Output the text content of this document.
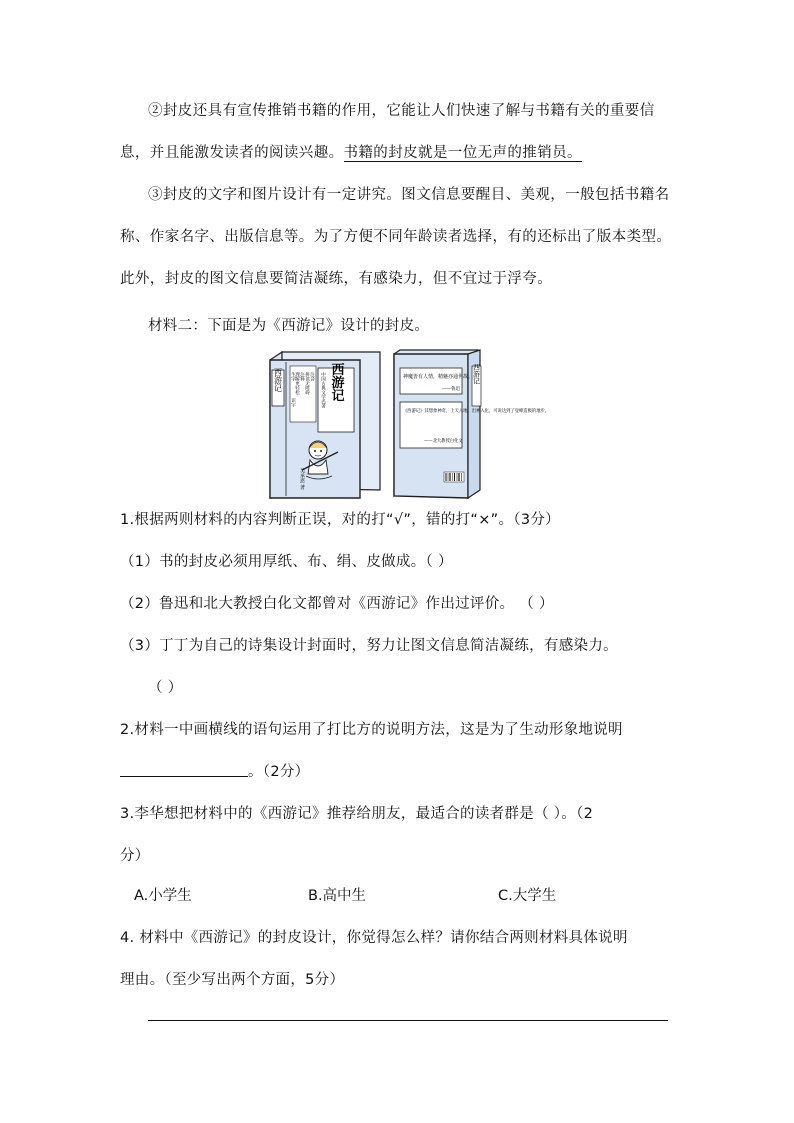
②封皮还具有宣传推销书籍的作用，它能让人们快速了解与书籍有关的重要信息，并且能激发读者的阅读兴趣。书籍的封皮就是一位无声的推销员。

③封皮的文字和图片设计有一定讲究。图文信息要醒目、美观，一般包括书籍名称、作家名字、出版信息等。为了方便不同年龄读者选择，有的还标出了版本类型。此外，封皮的图文信息要简洁凝练，有感染力，但不宜过于浮夸。

材料二：下面是为《西游记》设计的封皮。
西游记	西游记
中国古典文学名著
注音
拼读无障碍
注释
理解更轻松
生字
识字
吴承恩 著
西游记
神魔皆有人情，精魅亦通世故。
——鲁迅
《西游记》其想象神奇，上天入地，出神入化，可说达到了登峰造极的地步。
——北大教授白化文
1.根据两则材料的内容判断正误，对的打“√”，错的打“×”。（3分）
（1）书的封皮必须用厚纸、布、绢、皮做成。（ ）
（2）鲁迅和北大教授白化文都曾对《西游记》作出过评价。 （ ）
（3）丁丁为自己的诗集设计封面时，努力让图文信息简洁凝练，有感染力。
（ ）
2.材料一中画横线的语句运用了打比方的说明方法，这是为了生动形象地说明
。（2分）
3.李华想把材料中的《西游记》推荐给朋友，最适合的读者群是（ ）。（2
分）
A.小学生	B.高中生	C.大学生
4. 材料中《西游记》的封皮设计，你觉得怎么样？请你结合两则材料具体说明
理由。（至少写出两个方面，5分）
